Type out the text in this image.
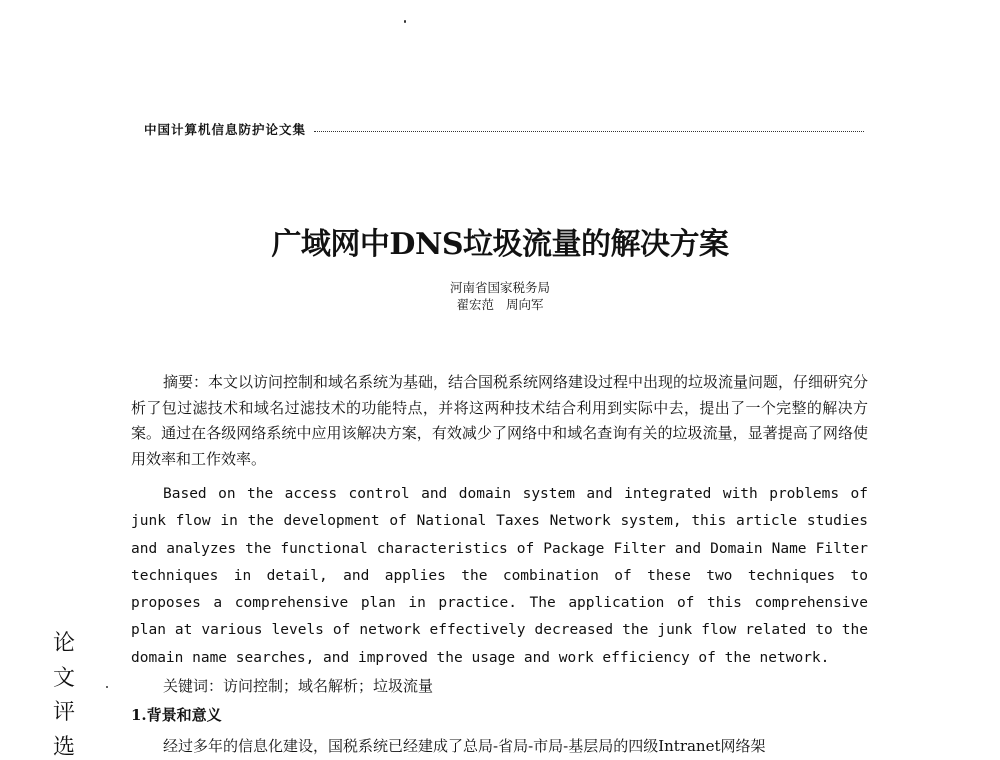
中国计算机信息防护论文集
广域网中DNS垃圾流量的解决方案
河南省国家税务局
翟宏范   周向军

摘要：本文以访问控制和域名系统为基础，结合国税系统网络建设过程中出现的垃圾流量问题，仔细研究分析了包过滤技术和域名过滤技术的功能特点，并将这两种技术结合利用到实际中去，提出了一个完整的解决方案。通过在各级网络系统中应用该解决方案，有效减少了网络中和域名查询有关的垃圾流量，显著提高了网络使用效率和工作效率。

Based on the access control and domain system and integrated with problems of junk flow in the development of National Taxes Network system, this article studies and analyzes the functional characteristics of Package Filter and Domain Name Filter techniques in detail, and applies the combination of these two techniques to proposes a comprehensive plan in practice. The application of this comprehensive plan at various levels of network effectively decreased the junk flow related to the domain name searches, and improved the usage and work efficiency of the network.

关键词：访问控制；域名解析；垃圾流量
1.背景和意义

经过多年的信息化建设，国税系统已经建成了总局-省局-市局-基层局的四级Intranet网络架

论
文
评
选
